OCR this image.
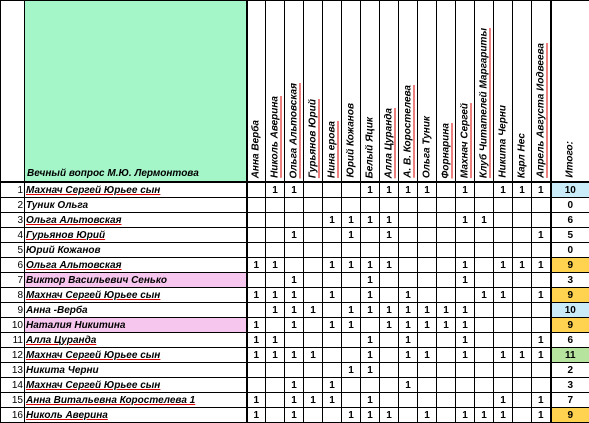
	Вечный вопрос М.Ю. Лермонтова	Анна Верба	Николь Аверина	Ольга Альтовская	Гурьянов Юрий	Нина ерова	Юрий Кожанов	Белый Яцик	Алла Цуранда	А. В. Коростелева	Ольга Туник	Форнарина	Махнач Сергей	Клуб Читателей Маргариты	Никита Черни	Карл Нес	Апрель Августа Иодвеева	Итого:

1	Махнач Сергей Юрьее сын		1	1				1	1	1	1		1		1	1	1	10
2	Туник Ольга																	0
3	Ольга Альтовская					1	1	1	1				1	1				6
4	Гурьянов Юрий			1			1		1								1	5
5	Юрий Кожанов																	0
6	Ольга Альтовская	1	1			1	1	1	1				1		1	1	1	9
7	Виктор Васильевич Сенько			1				1					1					3
8	Махнач Сергей Юрьее сын	1	1	1		1		1		1				1	1		1	9
9	Анна -Верба		1	1	1		1	1	1	1	1	1	1					10
10	Наталия Никитина	1		1		1	1		1	1	1	1	1					9
11	Алла Цуранда	1	1					1		1			1				1	6
12	Махнач Сергей Юрьее сын	1	1	1	1			1		1	1		1		1	1	1	11
13	Никита Черни						1	1										2
14	Махнач Сергей Юрьее сын			1		1				1								3
15	Анна Витальевна Коростелева 1	1		1	1	1		1							1		1	7
16	Николь Аверина	1		1			1	1	1		1		1	1	1		1	9
